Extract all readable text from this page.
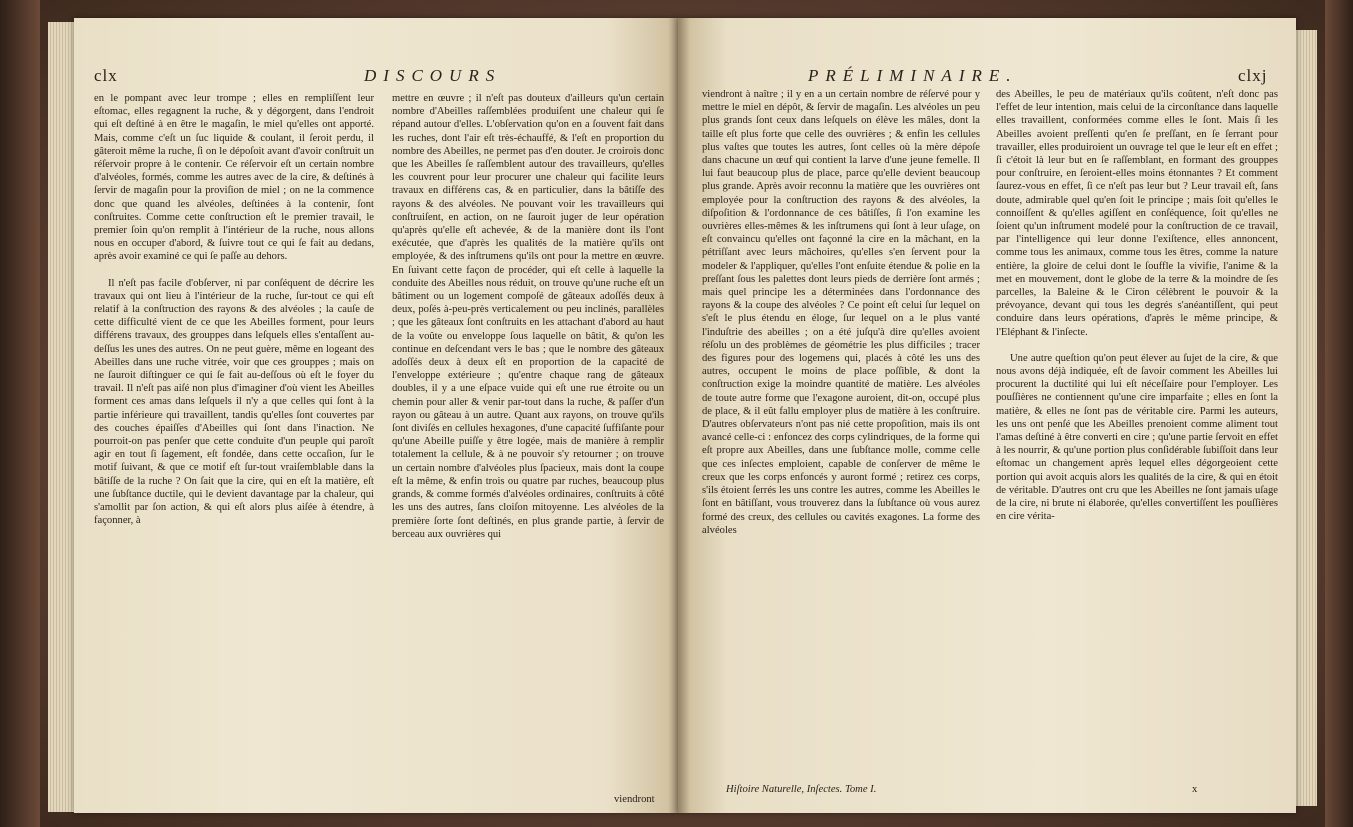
clx	DISCOURS

en le pompant avec leur trompe ; elles en rempliſſent leur eſtomac, elles regagnent la ruche, & y dégorgent, dans l'endroit qui eſt deſtiné à en être le magaſin, le miel qu'elles ont apporté. Mais, comme c'eſt un ſuc liquide & coulant, il ſeroit perdu, il gâteroit même la ruche, ſi on le dépoſoit avant d'avoir conſtruit un réſervoir propre à le contenir. Ce réſervoir eſt un certain nombre d'alvéoles, formés, comme les autres avec de la cire, & deſtinés à ſervir de magaſin pour la proviſion de miel ; on ne la commence donc que quand les alvéoles, deſtinées à la contenir, ſont conſtruites. Comme cette conſtruction eſt le premier travail, le premier ſoin qu'on remplit à l'intérieur de la ruche, nous allons nous en occuper d'abord, & ſuivre tout ce qui ſe fait au dedans, après avoir examiné ce qui ſe paſſe au dehors.

Il n'eſt pas facile d'obſerver, ni par conſéquent de décrire les travaux qui ont lieu à l'intérieur de la ruche, ſur-tout ce qui eſt relatif à la conſtruction des rayons & des alvéoles ; la cauſe de cette difficulté vient de ce que les Abeilles forment, pour leurs différens travaux, des grouppes dans leſquels elles s'entaſſent au-deſſus les unes des autres. On ne peut guère, même en logeant des Abeilles dans une ruche vitrée, voir que ces grouppes ; mais on ne ſauroit diſtinguer ce qui ſe fait au-deſſous où eſt le foyer du travail. Il n'eſt pas aiſé non plus d'imaginer d'où vient les Abeilles forment ces amas dans leſquels il n'y a que celles qui ſont à la partie inférieure qui travaillent, tandis qu'elles ſont couvertes par des couches épaiſſes d'Abeilles qui ſont dans l'inaction. Ne pourroit-on pas penſer que cette conduite d'un peuple qui paroît agir en tout ſi ſagement, eſt fondée, dans cette occaſion, ſur le motif ſuivant, & que ce motif eſt ſur-tout vraiſemblable dans la bâtiſſe de la ruche ? On ſait que la cire, qui en eſt la matière, eſt une ſubſtance ductile, qui le devient davantage par la chaleur, qui s'amollit par ſon action, & qui eſt alors plus aiſée à étendre, à façonner, à

mettre en œuvre ; il n'eſt pas douteux d'ailleurs qu'un certain nombre d'Abeilles raſſemblées produiſent une chaleur qui ſe répand autour d'elles. L'obſervation qu'on en a ſouvent fait dans les ruches, dont l'air eſt très-échauffé, & l'eſt en proportion du nombre des Abeilles, ne permet pas d'en douter. Je croirois donc que les Abeilles ſe raſſemblent autour des travailleurs, qu'elles les couvrent pour leur procurer une chaleur qui facilite leurs travaux en différens cas, & en particulier, dans la bâtiſſe des rayons & des alvéoles. Ne pouvant voir les travailleurs qui conſtruiſent, en action, on ne ſauroit juger de leur opération qu'après qu'elle eſt achevée, & de la manière dont ils l'ont exécutée, que d'après les qualités de la matière qu'ils ont employée, & des inſtrumens qu'ils ont pour la mettre en œuvre. En ſuivant cette façon de procéder, qui eſt celle à laquelle la conduite des Abeilles nous réduit, on trouve qu'une ruche eſt un bâtiment ou un logement compoſé de gâteaux adoſſés deux à deux, poſés à-peu-près verticalement ou peu inclinés, parallèles ; que les gâteaux ſont conſtruits en les attachant d'abord au haut de la voûte ou enveloppe ſous laquelle on bâtit, & qu'on les continue en deſcendant vers le bas ; que le nombre des gâteaux adoſſés deux à deux eſt en proportion de la capacité de l'enveloppe extérieure ; qu'entre chaque rang de gâteaux doubles, il y a une eſpace vuide qui eſt une rue étroite ou un chemin pour aller & venir par-tout dans la ruche, & paſſer d'un rayon ou gâteau à un autre. Quant aux rayons, on trouve qu'ils ſont diviſés en cellules hexagones, d'une capacité ſuffiſante pour qu'une Abeille puiſſe y être logée, mais de manière à remplir totalement la cellule, & à ne pouvoir s'y retourner ; on trouve un certain nombre d'alvéoles plus ſpacieux, mais dont la coupe eſt la même, & enfin trois ou quatre par ruches, beaucoup plus grands, & comme formés d'alvéoles ordinaires, conſtruits à côté les uns des autres, ſans cloiſon mitoyenne. Les alvéoles de la première ſorte ſont deſtinés, en plus grande partie, à ſervir de berceau aux ouvrières qui

viendront
PRÉLIMINAIRE.	clxj

viendront à naître ; il y en a un certain nombre de réſervé pour y mettre le miel en dépôt, & ſervir de magaſin. Les alvéoles un peu plus grands ſont ceux dans leſquels on élève les mâles, dont la taille eſt plus forte que celle des ouvrières ; & enfin les cellules plus vaſtes que toutes les autres, ſont celles où la mère dépoſe dans chacune un œuf qui contient la larve d'une jeune femelle. Il lui faut beaucoup plus de place, parce qu'elle devient beaucoup plus grande. Après avoir reconnu la matière que les ouvrières ont employée pour la conſtruction des rayons & des alvéoles, la diſpoſition & l'ordonnance de ces bâtiſſes, ſi l'on examine les ouvrières elles-mêmes & les inſtrumens qui ſont à leur uſage, on eſt convaincu qu'elles ont façonné la cire en la mâchant, en la pétriſſant avec leurs mâchoires, qu'elles s'en ſervent pour la modeler & l'appliquer, qu'elles l'ont enſuite étendue & polie en la preſſant ſous les palettes dont leurs pieds de derrière ſont armés ; mais quel principe les a déterminées dans l'ordonnance des rayons & la coupe des alvéoles ? Ce point eſt celui ſur lequel on s'eſt le plus étendu en éloge, ſur lequel on a le plus vanté l'induſtrie des abeilles ; on a été juſqu'à dire qu'elles avoient réſolu un des problèmes de géométrie les plus difficiles ; tracer des figures pour des logemens qui, placés à côté les uns des autres, occupent le moins de place poſſible, & dont la conſtruction exige la moindre quantité de matière. Les alvéoles de toute autre forme que l'exagone auroient, dit-on, occupé plus de place, & il eût fallu employer plus de matière à les conſtruire. D'autres obſervateurs n'ont pas nié cette propoſition, mais ils ont avancé celle-ci : enfoncez des corps cylindriques, de la forme qui eſt propre aux Abeilles, dans une ſubſtance molle, comme celle que ces inſectes emploient, capable de conſerver de même le creux que les corps enfoncés y auront formé ; retirez ces corps, s'ils étoient ſerrés les uns contre les autres, comme les Abeilles le ſont en bâtiſſant, vous trouverez dans la ſubſtance où vous aurez formé des creux, des cellules ou cavités exagones. La forme des alvéoles

des Abeilles, le peu de matériaux qu'ils coûtent, n'eſt donc pas l'effet de leur intention, mais celui de la circonſtance dans laquelle elles travaillent, conformées comme elles le ſont. Mais ſi les Abeilles avoient preſſenti qu'en ſe preſſant, en ſe ſerrant pour travailler, elles produiroient un ouvrage tel que le leur eſt en effet ; ſi c'étoit là leur but en ſe raſſemblant, en formant des grouppes pour conſtruire, en ſeroient-elles moins étonnantes ? Et comment ſaurez-vous en effet, ſi ce n'eſt pas leur but ? Leur travail eſt, ſans doute, admirable quel qu'en ſoit le principe ; mais ſoit qu'elles le connoiſſent & qu'elles agiſſent en conſéquence, ſoit qu'elles ne ſoient qu'un inſtrument modelé pour la conſtruction de ce travail, par l'intelligence qui leur donne l'exiſtence, elles annoncent, comme tous les animaux, comme tous les êtres, comme la nature entière, la gloire de celui dont le ſouffle la vivifie, l'anime & la met en mouvement, dont le globe de la terre & la moindre de ſes parcelles, la Baleine & le Ciron célèbrent le pouvoir & la prévoyance, devant qui tous les degrés s'anéantiſſent, qui peut conduire dans leurs opérations, d'après le même principe, & l'Eléphant & l'inſecte.

Une autre queſtion qu'on peut élever au ſujet de la cire, & que nous avons déjà indiquée, eſt de ſavoir comment les Abeilles lui procurent la ductilité qui lui eſt néceſſaire pour l'employer. Les pouſſières ne contiennent qu'une cire imparfaite ; elles en ſont la matière, & elles ne ſont pas de véritable cire. Parmi les auteurs, les uns ont penſé que les Abeilles prenoient comme aliment tout l'amas deſtiné à être converti en cire ; qu'une partie ſervoit en effet à les nourrir, & qu'une portion plus conſidérable ſubiſſoit dans leur eſtomac un changement après lequel elles dégorgeoient cette portion qui avoit acquis alors les qualités de la cire, & qui en étoit de véritable. D'autres ont cru que les Abeilles ne ſont jamais uſage de la cire, ni brute ni élaborée, qu'elles convertiſſent les pouſſières en cire vérita-

Hiſtoire Naturelle, Inſectes. Tome I.	x
